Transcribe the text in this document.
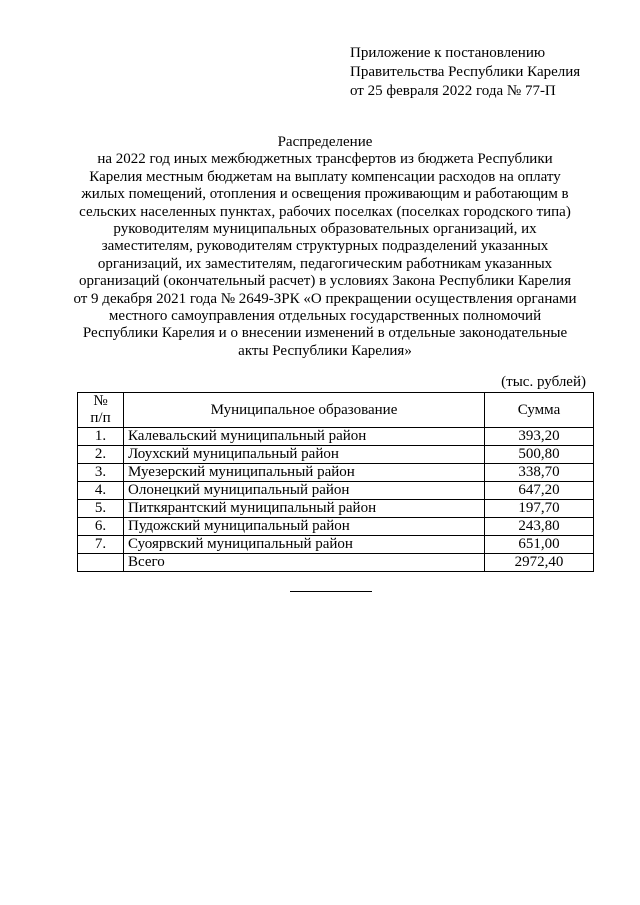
Приложение к постановлению
Правительства Республики Карелия
от 25 февраля 2022 года № 77-П
Распределение
на 2022 год иных межбюджетных трансфертов из бюджета Республики
Карелия местным бюджетам на выплату компенсации расходов на оплату
жилых помещений, отопления и освещения проживающим и работающим в
сельских населенных пунктах, рабочих поселках (поселках городского типа)
руководителям муниципальных образовательных организаций, их
заместителям, руководителям структурных подразделений указанных
организаций, их заместителям, педагогическим работникам указанных
организаций (окончательный расчет) в условиях Закона Республики Карелия
от 9 декабря 2021 года № 2649-ЗРК «О прекращении осуществления органами
местного самоуправления отдельных государственных полномочий
Республики Карелия и о внесении изменений в отдельные законодательные
акты Республики Карелия»
(тыс. рублей)
№
п/п	Муниципальное образование	Сумма
1.	Калевальский муниципальный район	393,20
2.	Лоухский муниципальный район	500,80
3.	Муезерский муниципальный район	338,70
4.	Олонецкий муниципальный район	647,20
5.	Питкярантский муниципальный район	197,70
6.	Пудожский муниципальный район	243,80
7.	Суоярвский муниципальный район	651,00
	Всего	2972,40
